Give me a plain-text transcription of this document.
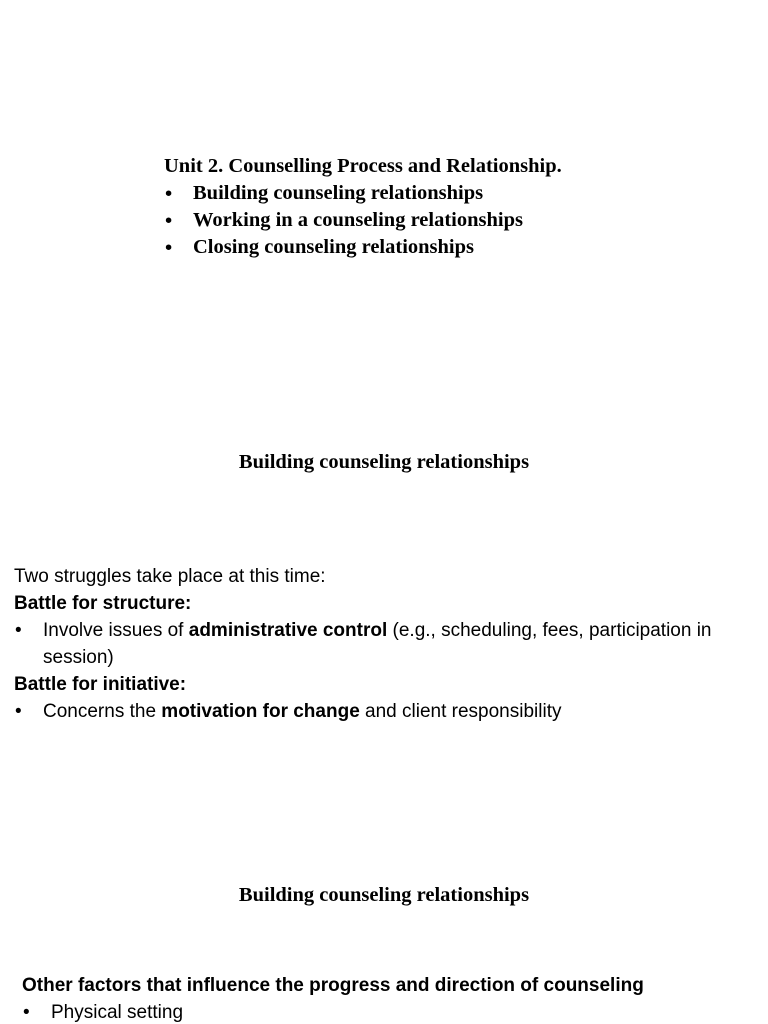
Unit 2. Counselling Process and Relationship.
• Building counseling relationships
• Working in a counseling relationships
• Closing counseling relationships
Building counseling relationships

Two struggles take place at this time:

Battle for structure:

• Involve issues of administrative control (e.g., scheduling, fees, participation in session)

Battle for initiative:

• Concerns the motivation for change and client responsibility
Building counseling relationships

Other factors that influence the progress and direction of counseling

• Physical setting
